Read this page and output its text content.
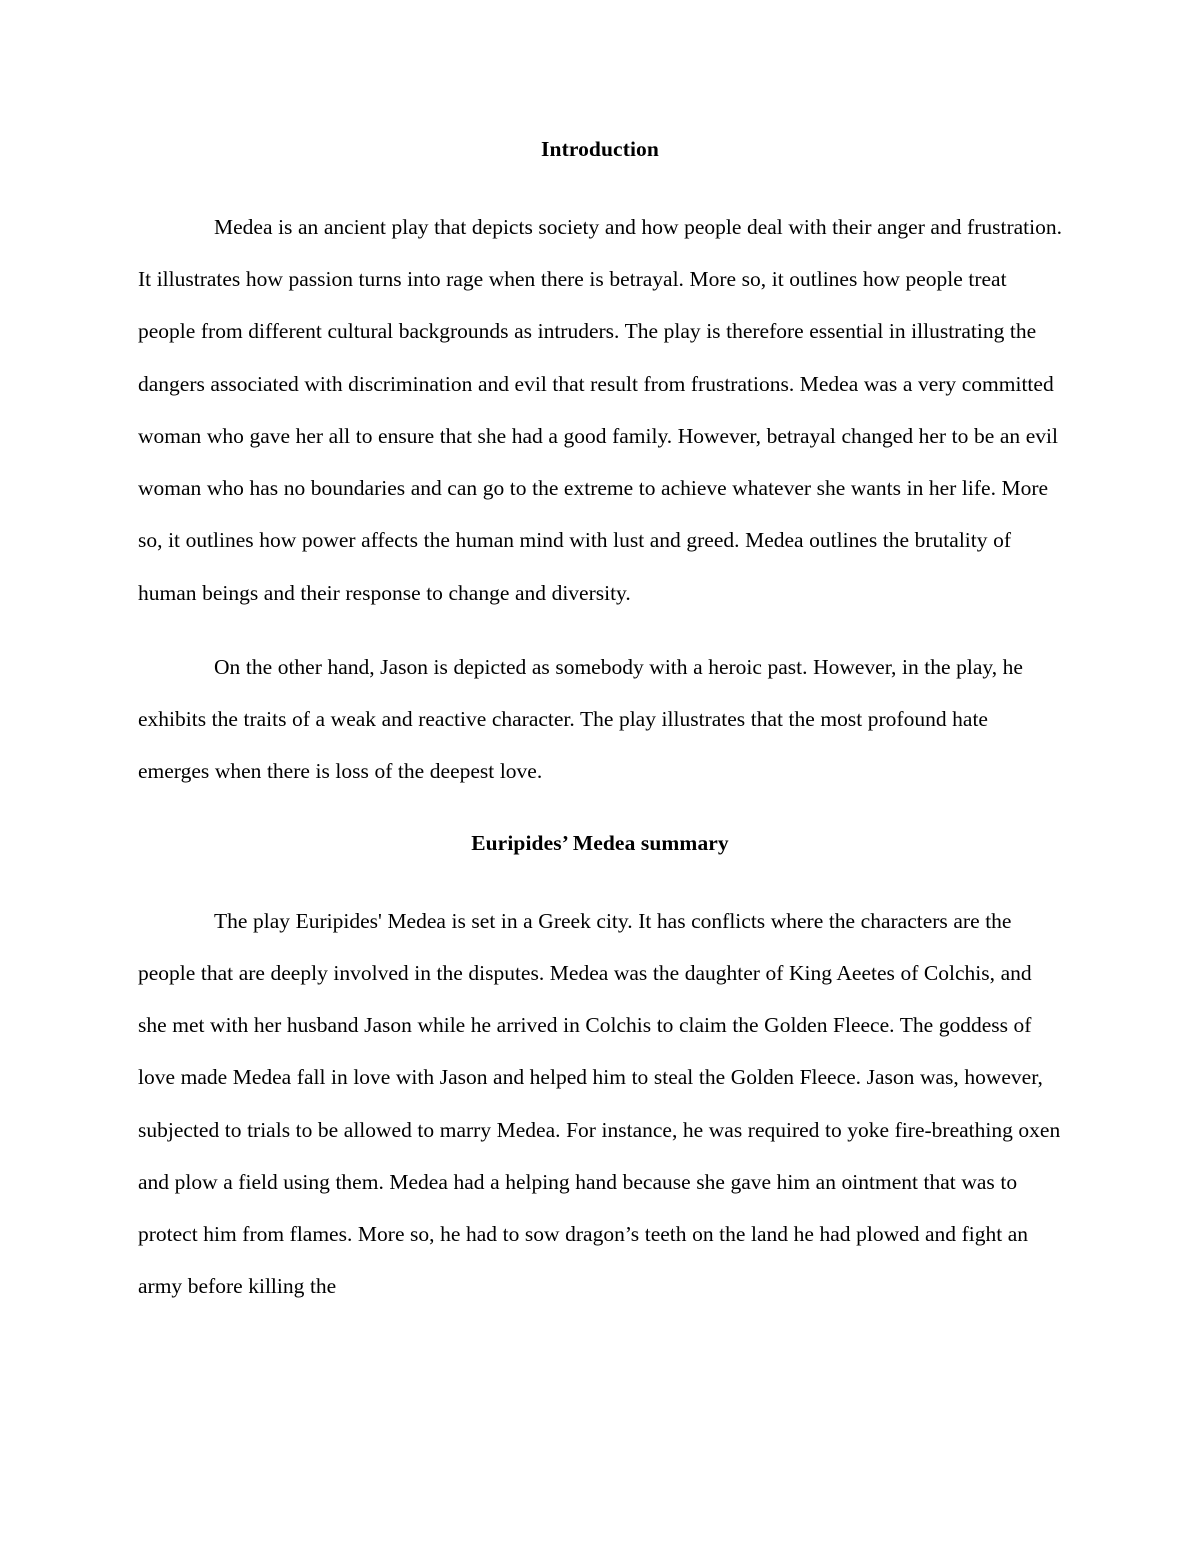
Introduction

Medea is an ancient play that depicts society and how people deal with their anger and frustration. It illustrates how passion turns into rage when there is betrayal. More so, it outlines how people treat people from different cultural backgrounds as intruders. The play is therefore essential in illustrating the dangers associated with discrimination and evil that result from frustrations. Medea was a very committed woman who gave her all to ensure that she had a good family. However, betrayal changed her to be an evil woman who has no boundaries and can go to the extreme to achieve whatever she wants in her life. More so, it outlines how power affects the human mind with lust and greed. Medea outlines the brutality of human beings and their response to change and diversity.

On the other hand, Jason is depicted as somebody with a heroic past. However, in the play, he exhibits the traits of a weak and reactive character. The play illustrates that the most profound hate emerges when there is loss of the deepest love.

Euripides’ Medea summary

The play Euripides' Medea is set in a Greek city. It has conflicts where the characters are the people that are deeply involved in the disputes. Medea was the daughter of King Aeetes of Colchis, and she met with her husband Jason while he arrived in Colchis to claim the Golden Fleece. The goddess of love made Medea fall in love with Jason and helped him to steal the Golden Fleece. Jason was, however, subjected to trials to be allowed to marry Medea. For instance, he was required to yoke fire-breathing oxen and plow a field using them. Medea had a helping hand because she gave him an ointment that was to protect him from flames. More so, he had to sow dragon’s teeth on the land he had plowed and fight an army before killing the
